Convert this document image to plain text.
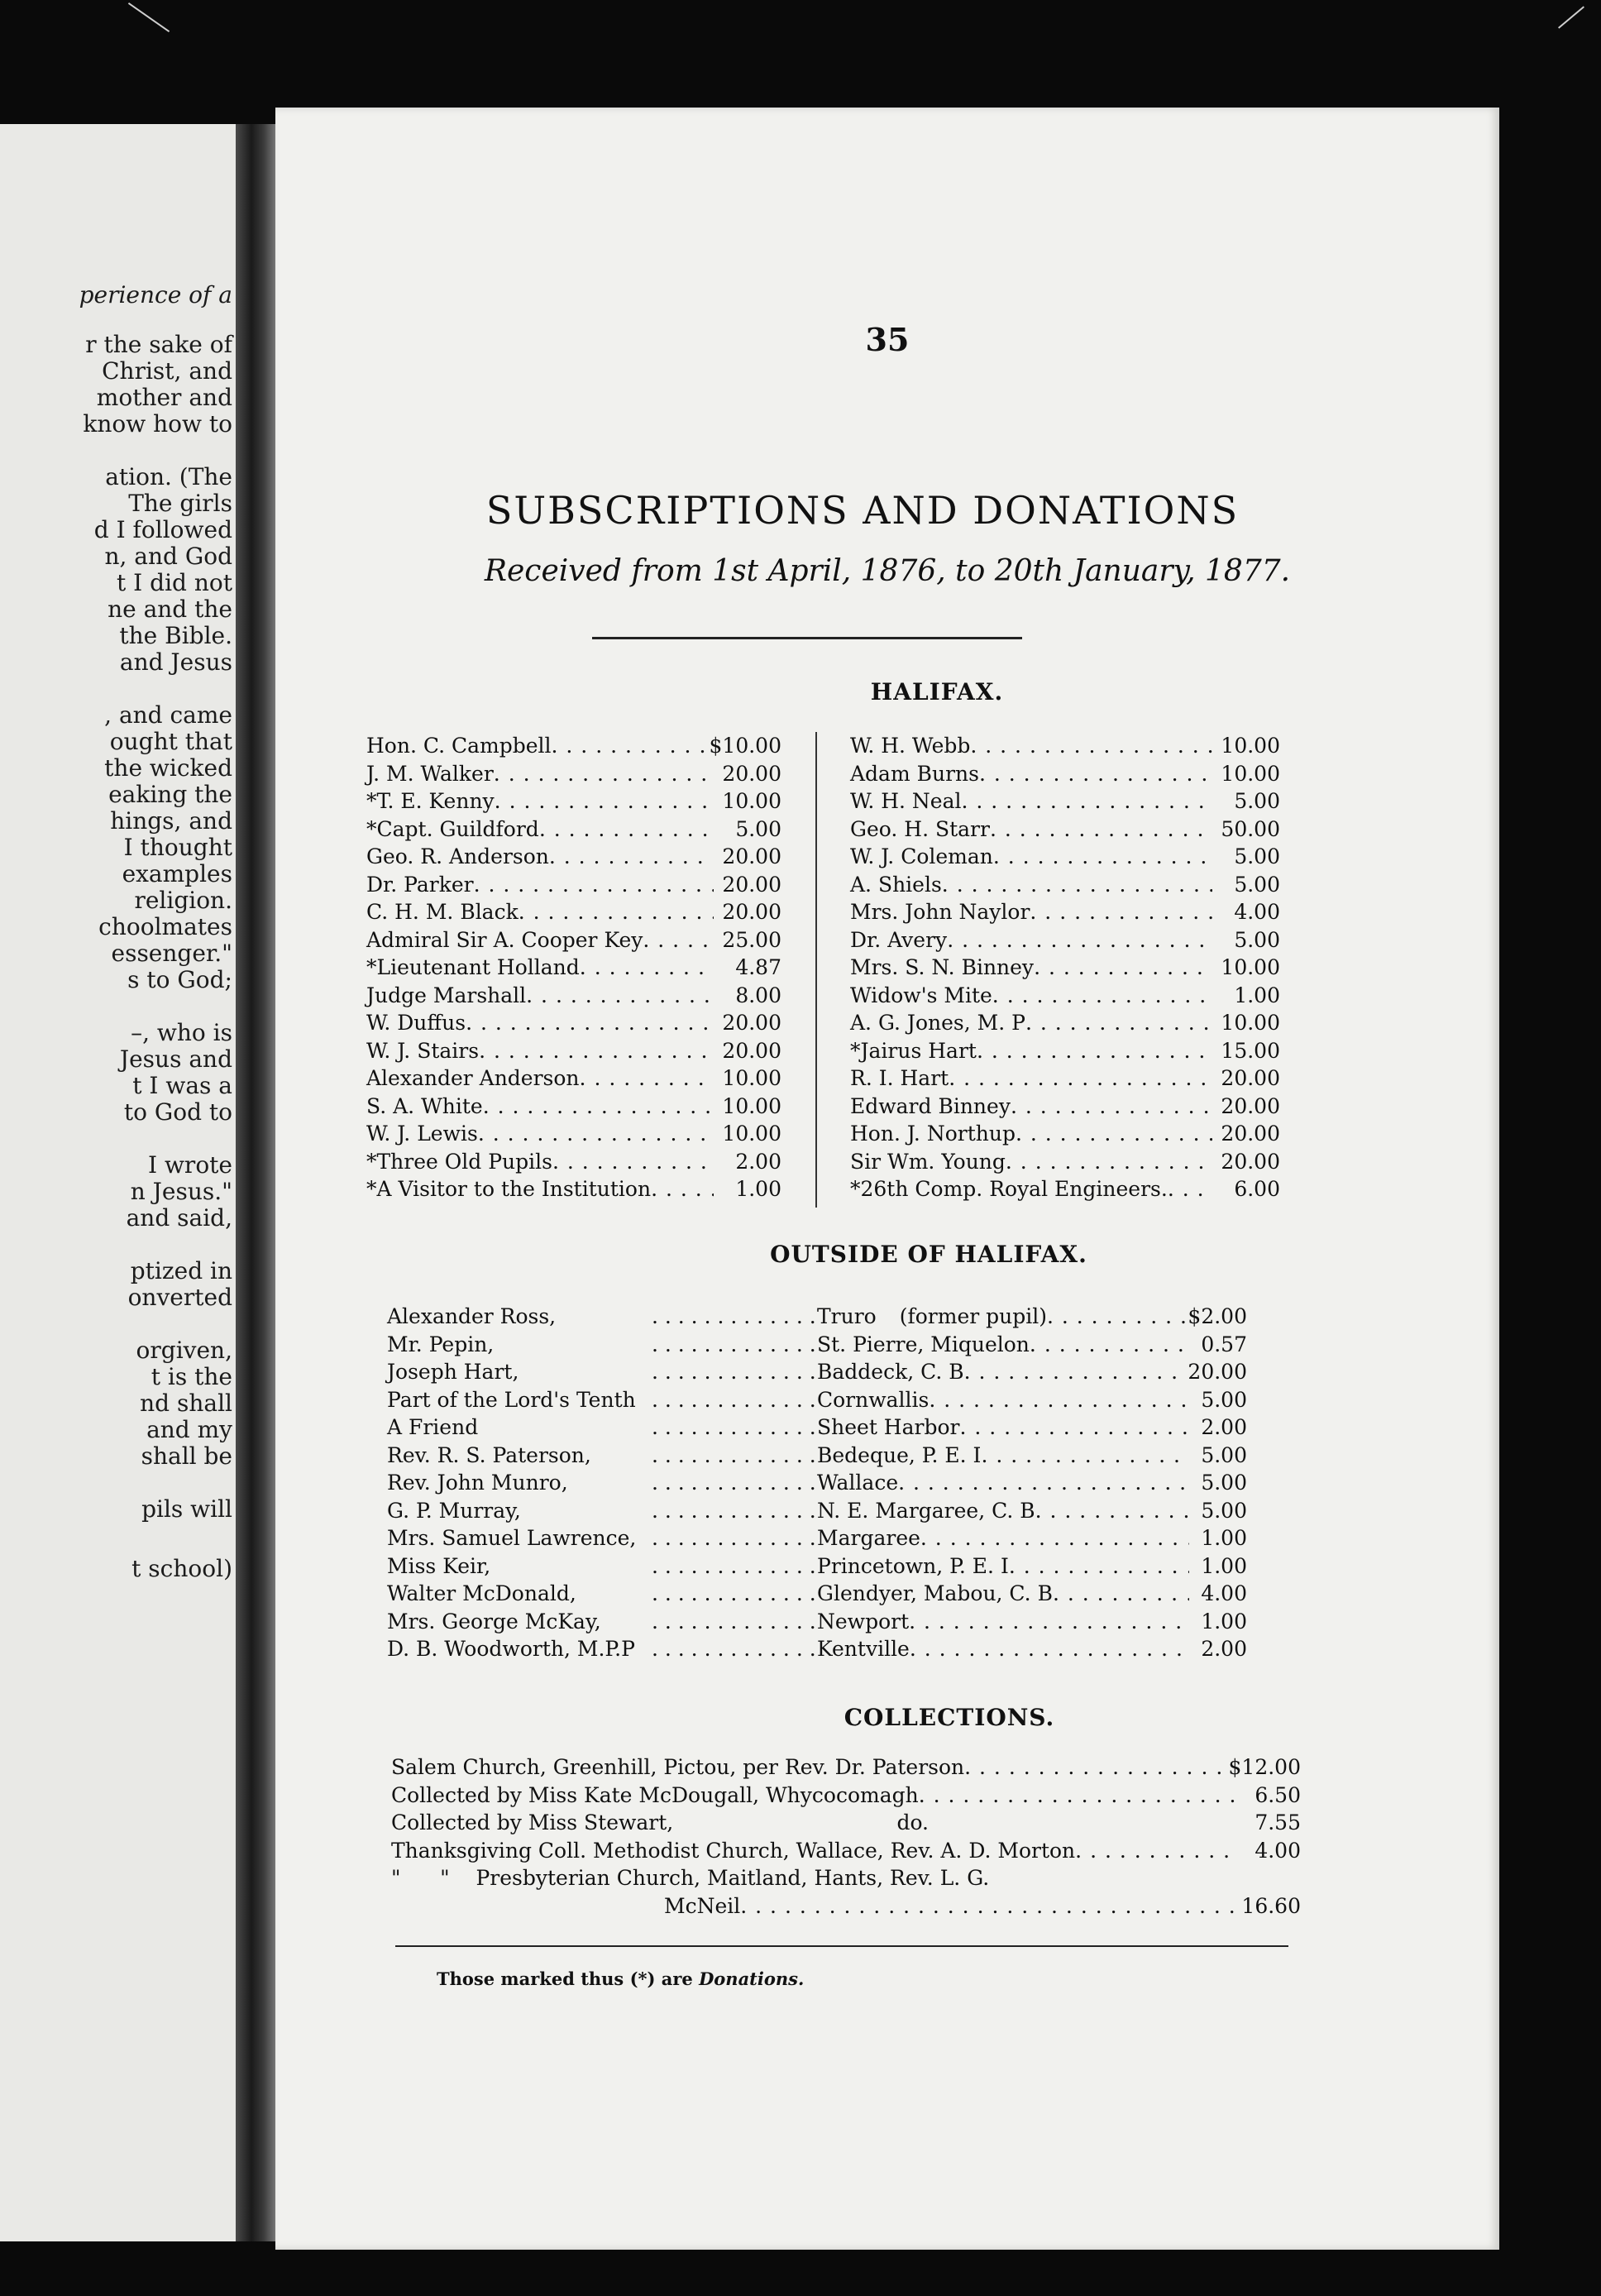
perience of a
r the sake of
Christ, and
mother and
know how to
ation. (The
The girls
d I followed
n, and God
t I did not
ne and the
the Bible.
and Jesus
, and came
ought that
the wicked
eaking the
hings, and
I thought
examples
religion.
choolmates
essenger."
s to God;
–, who is
Jesus and
t I was a
to God to
I wrote
n Jesus."
and said,
ptized in
onverted
orgiven,
t is the
nd shall
and my
shall be
pils will
t school)
35
SUBSCRIPTIONS AND DONATIONS
Received from 1st April, 1876, to 20th January, 1877.
HALIFAX.
Hon. C. Campbell . . .	$10.00
J. M. Walker . . .	20.00
*T. E. Kenny . . .	10.00
*Capt. Guildford . . .	5.00
Geo. R. Anderson . . .	20.00
Dr. Parker . . .	20.00
C. H. M. Black . . .	20.00
Admiral Sir A. Cooper Key . . .	25.00
*Lieutenant Holland . . .	4.87
Judge Marshall . . .	8.00
W. Duffus . . .	20.00
W. J. Stairs . . .	20.00
Alexander Anderson . . .	10.00
S. A. White . . .	10.00
W. J. Lewis . . .	10.00
*Three Old Pupils . . .	2.00
*A Visitor to the Institution . . .	1.00
W. H. Webb . . .	10.00
Adam Burns . . .	10.00
W. H. Neal . . .	5.00
Geo. H. Starr . . .	50.00
W. J. Coleman . . .	5.00
A. Shiels . . .	5.00
Mrs. John Naylor . . .	4.00
Dr. Avery . . .	5.00
Mrs. S. N. Binney . . .	10.00
Widow's Mite . . .	1.00
A. G. Jones, M. P . . .	10.00
*Jairus Hart . . .	15.00
R. I. Hart . . .	20.00
Edward Binney . . .	20.00
Hon. J. Northup . . .	20.00
Sir Wm. Young . . .	20.00
*26th Comp. Royal Engineers. . . .	6.00
OUTSIDE OF HALIFAX.
Alexander Ross, . . .	Truro (former pupil) . . .	$2.00
Mr. Pepin, . . .	St. Pierre, Miquelon . . .	0.57
Joseph Hart, . . .	Baddeck, C. B . . .	20.00
Part of the Lord's Tenth . . .	Cornwallis . . .	5.00
A Friend . . .	Sheet Harbor . . .	2.00
Rev. R. S. Paterson, . . .	Bedeque, P. E. I . . .	5.00
Rev. John Munro, . . .	Wallace . . .	5.00
G. P. Murray, . . .	N. E. Margaree, C. B . . .	5.00
Mrs. Samuel Lawrence, . . .	Margaree . . .	1.00
Miss Keir, . . .	Princetown, P. E. I . . .	1.00
Walter McDonald, . . .	Glendyer, Mabou, C. B . . .	4.00
Mrs. George McKay, . . .	Newport . . .	1.00
D. B. Woodworth, M.P.P . . .	Kentville . . .	2.00
COLLECTIONS.
Salem Church, Greenhill, Pictou, per Rev. Dr. Paterson . . .	$12.00
Collected by Miss Kate McDougall, Whycocomagh . . .	6.50
Collected by Miss Stewart,                                  do.	7.55
Thanksgiving Coll. Methodist Church, Wallace, Rev. A. D. Morton . . .	4.00
"      "    Presbyterian Church, Maitland, Hants, Rev. L. G.
McNeil . . .	16.60
Those marked thus (*) are Donations.
